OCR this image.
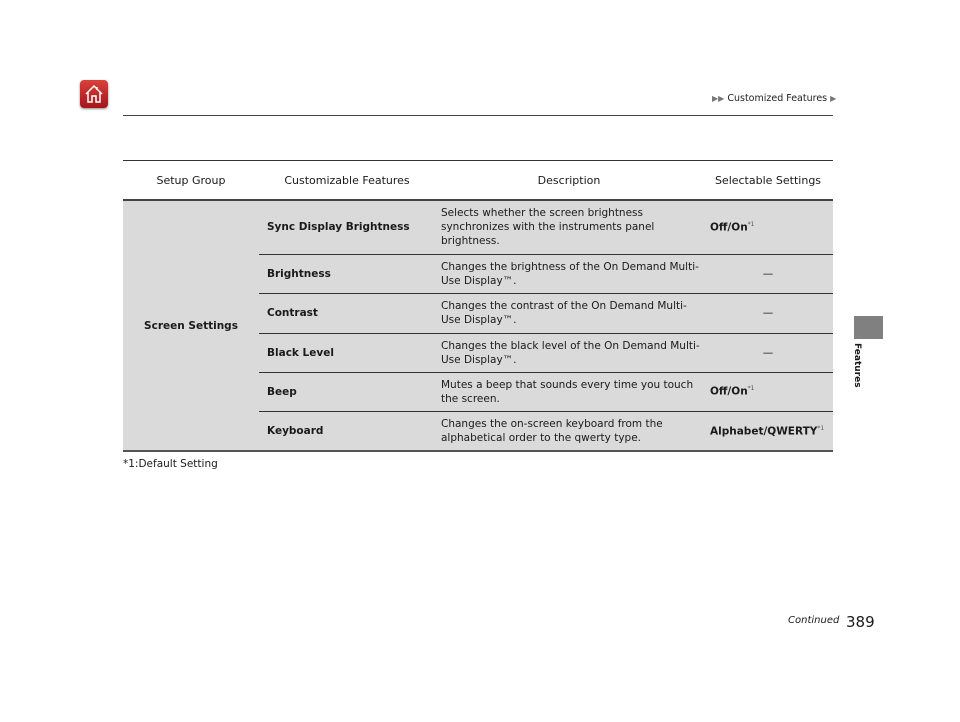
▶▶ Customized Features ▶
Setup Group	Customizable Features	Description	Selectable Settings
Screen Settings	Sync Display Brightness	Selects whether the screen brightness synchronizes with the instruments panel brightness.	Off/On$^{*1}$
	Brightness	Changes the brightness of the On Demand Multi-Use Display™.	—
	Contrast	Changes the contrast of the On Demand Multi-Use Display™.	—
	Black Level	Changes the black level of the On Demand Multi-Use Display™.	—
	Beep	Mutes a beep that sounds every time you touch the screen.	Off/On$^{*1}$
	Keyboard	Changes the on-screen keyboard from the alphabetical order to the qwerty type.	Alphabet/QWERTY$^{*1}$
*1:Default Setting
Features
Continued 389
